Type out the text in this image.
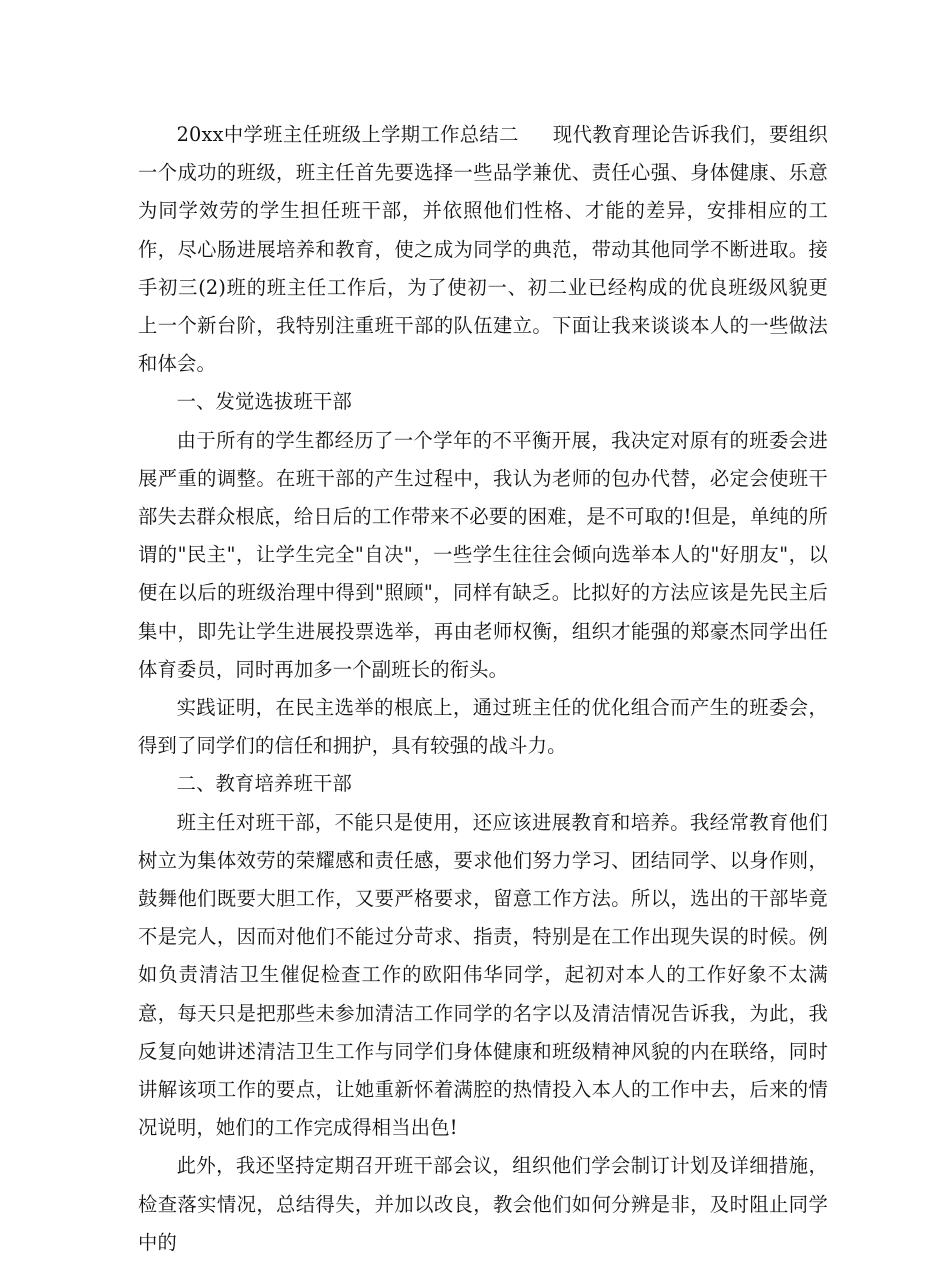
20xx中学班主任班级上学期工作总结二 现代教育理论告诉我们，要组织一个成功的班级，班主任首先要选择一些品学兼优、责任心强、身体健康、乐意为同学效劳的学生担任班干部，并依照他们性格、才能的差异，安排相应的工作，尽心肠进展培养和教育，使之成为同学的典范，带动其他同学不断进取。接手初三(2)班的班主任工作后，为了使初一、初二业已经构成的优良班级风貌更上一个新台阶，我特别注重班干部的队伍建立。下面让我来谈谈本人的一些做法和体会。

一、发觉选拔班干部

由于所有的学生都经历了一个学年的不平衡开展，我决定对原有的班委会进展严重的调整。在班干部的产生过程中，我认为老师的包办代替，必定会使班干部失去群众根底，给日后的工作带来不必要的困难，是不可取的!但是，单纯的所谓的"民主"，让学生完全"自决"，一些学生往往会倾向选举本人的"好朋友"，以便在以后的班级治理中得到"照顾"，同样有缺乏。比拟好的方法应该是先民主后集中，即先让学生进展投票选举，再由老师权衡，组织才能强的郑豪杰同学出任体育委员，同时再加多一个副班长的衔头。

实践证明，在民主选举的根底上，通过班主任的优化组合而产生的班委会，得到了同学们的信任和拥护，具有较强的战斗力。

二、教育培养班干部

班主任对班干部，不能只是使用，还应该进展教育和培养。我经常教育他们树立为集体效劳的荣耀感和责任感，要求他们努力学习、团结同学、以身作则，鼓舞他们既要大胆工作，又要严格要求，留意工作方法。所以，选出的干部毕竟不是完人，因而对他们不能过分苛求、指责，特别是在工作出现失误的时候。例如负责清洁卫生催促检查工作的欧阳伟华同学，起初对本人的工作好象不太满意，每天只是把那些未参加清洁工作同学的名字以及清洁情况告诉我，为此，我反复向她讲述清洁卫生工作与同学们身体健康和班级精神风貌的内在联络，同时讲解该项工作的要点，让她重新怀着满腔的热情投入本人的工作中去，后来的情况说明，她们的工作完成得相当出色!

此外，我还坚持定期召开班干部会议，组织他们学会制订计划及详细措施，检查落实情况，总结得失，并加以改良，教会他们如何分辨是非，及时阻止同学中的
